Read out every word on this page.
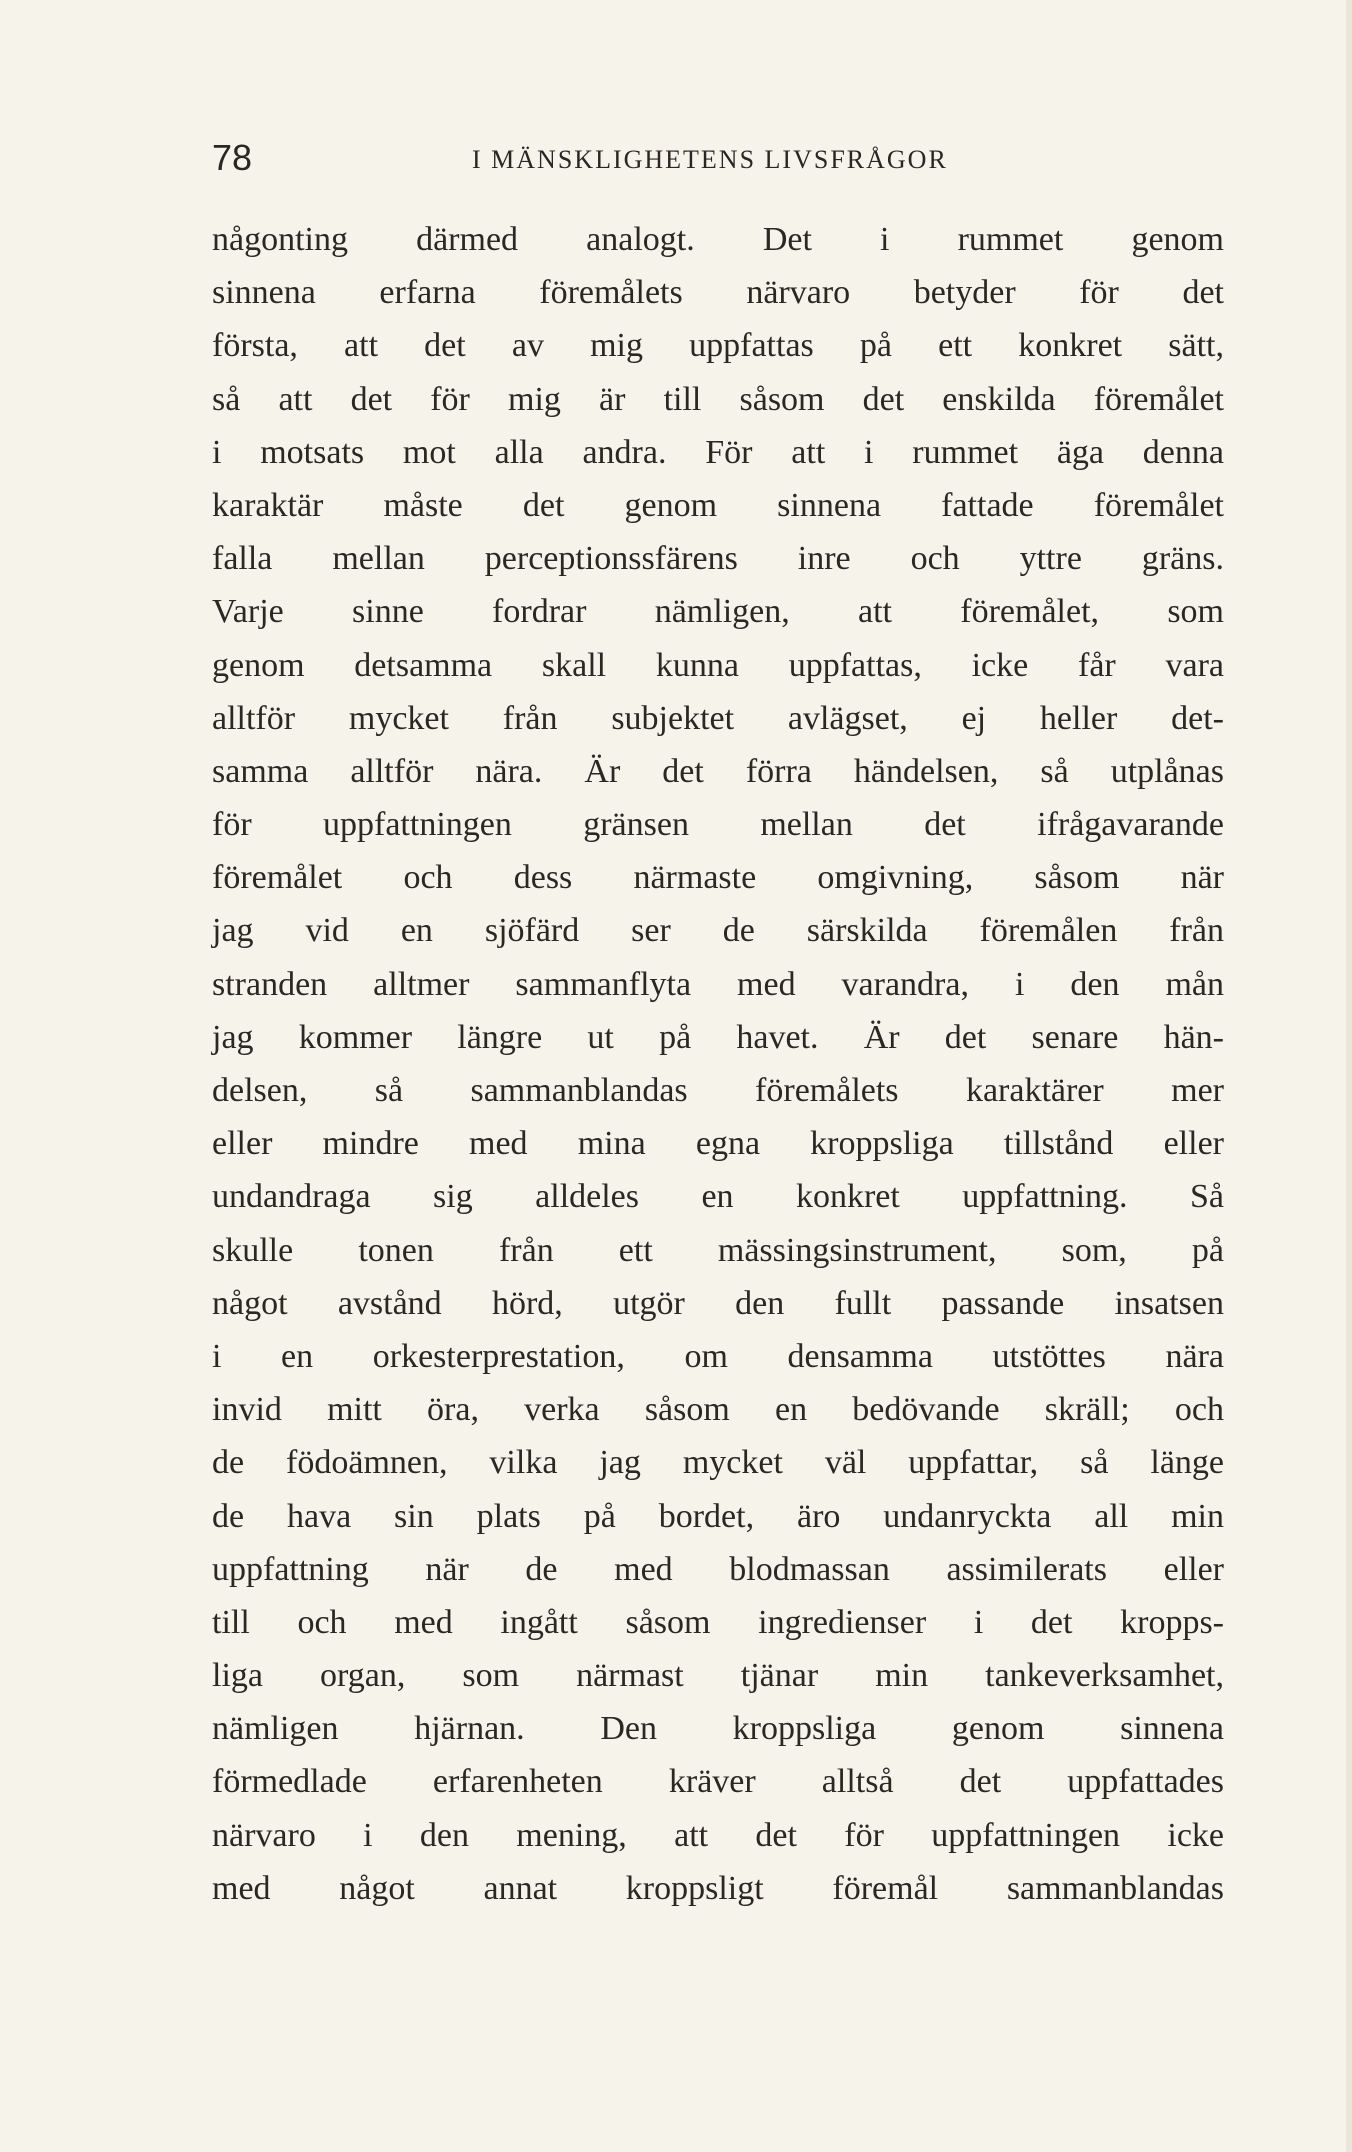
78	I MÄNSKLIGHETENS LIVSFRÅGOR
någonting därmed analogt. Det i rummet genom
sinnena erfarna föremålets närvaro betyder för det
första, att det av mig uppfattas på ett konkret sätt,
så att det för mig är till såsom det enskilda föremålet
i motsats mot alla andra. För att i rummet äga denna
karaktär måste det genom sinnena fattade föremålet
falla mellan perceptionssfärens inre och yttre gräns.
Varje sinne fordrar nämligen, att föremålet, som
genom detsamma skall kunna uppfattas, icke får vara
alltför mycket från subjektet avlägset, ej heller det-
samma alltför nära. Är det förra händelsen, så utplånas
för uppfattningen gränsen mellan det ifrågavarande
föremålet och dess närmaste omgivning, såsom när
jag vid en sjöfärd ser de särskilda föremålen från
stranden alltmer sammanflyta med varandra, i den mån
jag kommer längre ut på havet. Är det senare hän-
delsen, så sammanblandas föremålets karaktärer mer
eller mindre med mina egna kroppsliga tillstånd eller
undandraga sig alldeles en konkret uppfattning. Så
skulle tonen från ett mässingsinstrument, som, på
något avstånd hörd, utgör den fullt passande insatsen
i en orkesterprestation, om densamma utstöttes nära
invid mitt öra, verka såsom en bedövande skräll; och
de födoämnen, vilka jag mycket väl uppfattar, så länge
de hava sin plats på bordet, äro undanryckta all min
uppfattning när de med blodmassan assimilerats eller
till och med ingått såsom ingredienser i det kropps-
liga organ, som närmast tjänar min tankeverksamhet,
nämligen hjärnan. Den kroppsliga genom sinnena
förmedlade erfarenheten kräver alltså det uppfattades
närvaro i den mening, att det för uppfattningen icke
med något annat kroppsligt föremål sammanblandas
